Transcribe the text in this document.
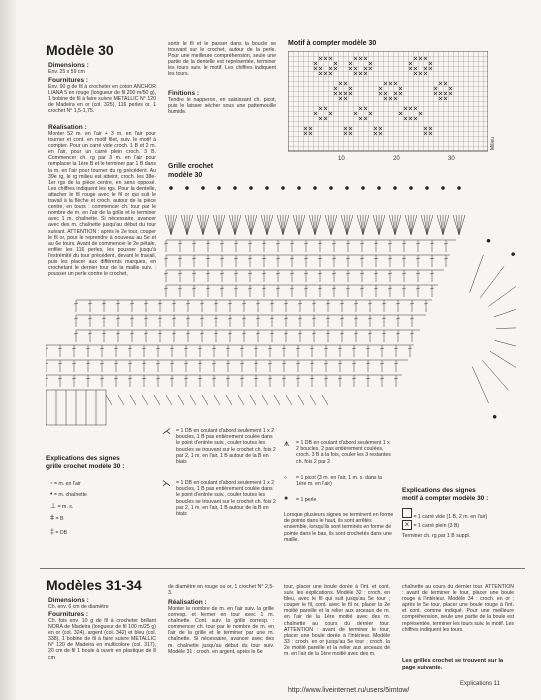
Modèle 30
Dimensions :
Env. 25 x 59 cm
Fournitures :
Env. 90 g de fil à crocheter en coton ANCHOR LIANA 5 en rouge (longueur de fil 200 m/50 g), 1 bobine de fil à faire suivre METALLIC N° 120 de Madeira en or (col. 325), 116 perles or, 1 crochet N° 1,5-1,75.
Réalisation :
Monter 52 m. en l'air + 3 m. en l'air pour tourner et cont. en motif filet, suiv. le motif à compter. Pour un carré vide croch. 1 B et 2 m. en l'air, pour un carré plein croch. 3 B. Commencer ch. rg par 3 m. en l'air pour remplacer la 1ère B et le terminer par 1 B dans la m. en l'air pour tourner du rg précédent. Au 39e rg, le rg milieu est atteint, croch. les 38e-1er rgs de la pièce centre, en sens opposé. Les chiffres indiquent les rgs. Pour la dentelle, attacher le fil rouge avec le fil or qui suit le travail à la flèche et croch. autour de la pièce centre, en tours : commencer ch. tour par le nombre de m. en l'air de la grille et le terminer avec 1 m. chaînette. Si nécessaire, avancer avec des m. chaînette jusqu'au début du tour suivant. ATTENTION : après le 2e tour, couper le fil or, pour le reprendre à nouveau au 5e et au 6e tours. Avant de commencer le 2e pétale, enfiler les 116 perles, les pousser jusqu'à l'extrémité du tour précédent, devant le travail, puis les placer aux différents marques, en crochetant le dernier tour de la maille suiv. : pousser un perle contre le crochet,
sortir le fil et le passer dans la boucle se trouvant sur le crochet, autour de la perle. Pour une meilleure compréhension, seule une partie de la dentelle est représentée, terminer les tours suiv. le motif. Les chiffres indiquent les tours.
Finitions :
Tendre le napperon, en saisissant ch. picot, puis le laisser sécher sous une pattemouille humide.
Motif à compter modèle 30
10	20	30
Milieu
Grille crochet
modèle 30
⋌ = 1 DB en coulant d'abord seulement 1 x 2 boucles, 1 B pas entièrement coulée dans le point d'entrée suiv., couler toutes les boucles se trouvant sur le crochet ch. fois 2 par 2, 1 m. en l'air, 1 B autour de la B en biais
⋋ = 1 DB en coulant d'abord seulement 1 x 2 boucles, 1 B pas entièrement coulée dans le point d'entrée suiv., couler toutes les boucles se trouvant sur le crochet ch. fois 2 par 2, 1 m. en l'air, 1 B autour de la B en biais
⩚ = 1 DB en coulant d'abord seulement 1 x 2 boucles, 2 pas entièrement coulées, croch. 3 B à la fois, couler les 3 restantes ch. fois 2 par 2
◦ = 1 picot (3 m. en l'air, 1 m. s. dans la 1ère m. en l'air)
● = 1 perle
Lorsque plusieurs signes se terminent en forme de pointe dans le haut, ils sont arrêtés ensemble, lorsqu'ils sont terminés en forme de pointe dans le bas, ils sont crochetés dans une maille.
Explications des signes
grille crochet modèle 30 :
◦ = m. en l'air
• = m. chaînette
⊥ = m. s.
ǂ = B
‡ = DB
Explications des signes
motif à compter modèle 30 :
= 1 carré vide (1 B, 2 m. en l'air)
× = 1 carré plein (3 B)
Terminer ch. rg par 1 B suppl.
Modèles 31-34
Dimensions :
Ch. env. 6 cm de diamètre
Fournitures :
Ch. fois env. 10 g de fil à crocheter brillant NORA de Madeira (longueur de fil 100 m/25 g) en or (col. 324), argent (col. 342) et bleu (col. 338), 1 bobine de fil à faire suivre METALLIC N° 120 de Madeira en multicolore (col. 317), 20 cm de fil 1 boule à ouvrir en plastique de 8 cm
de diamètre en rouge ou or, 1 crochet N° 2,5-3.
Réalisation :
Monter le nombre de m. en l'air suiv. la grille corresp. et fermer en tour avec 1 m. chaînette. Cont. suiv. la grille corresp. : commencer ch. tour par le nombre de m. en l'air de la grille et le terminer par une m. chaînette. Si nécessaire, avancer avec des m. chaînette jusqu'au début du tour suiv. Modèle 31 : croch. en argent, après le 6e
tour, placer une boule dorée à l'int. et cont. suiv. les explications. Modèle 32 : croch. en bleu, avec le fil qui suit jusqu'au 5e tour ; couper le fil, cont. avec le fil or, placer la 2e moitié pareille et la relier aux arceaux de m. en l'air de la 1ère moitié avec des m. chaînette au cours du dernier tour. ATTENTION : avant de terminer le tour, placer une boule dorée à l'intérieur. Modèle 33 : croch. en or jusqu'au 5e tour ; croch. la 2e moitié pareille et la relier aux arceaux de m. en l'air de la 1ère moitié avec des m.
chaînette au cours du dernier tour. ATTENTION : avant de terminer le tour, placer une boule rouge à l'intérieur. Modèle 34 : croch. en or ; après le 5e tour, placer une boule rouge à l'int. et cont. comme indiqué. Pour une meilleure compréhension, seule une partie de la boule est représentée, terminer les tours suiv. le motif. Les chiffres indiquent les tours.
Les grilles crochet se trouvent sur la page suivante.
http://www.liveinternet.ru/users/5imtow/
Explications 11
